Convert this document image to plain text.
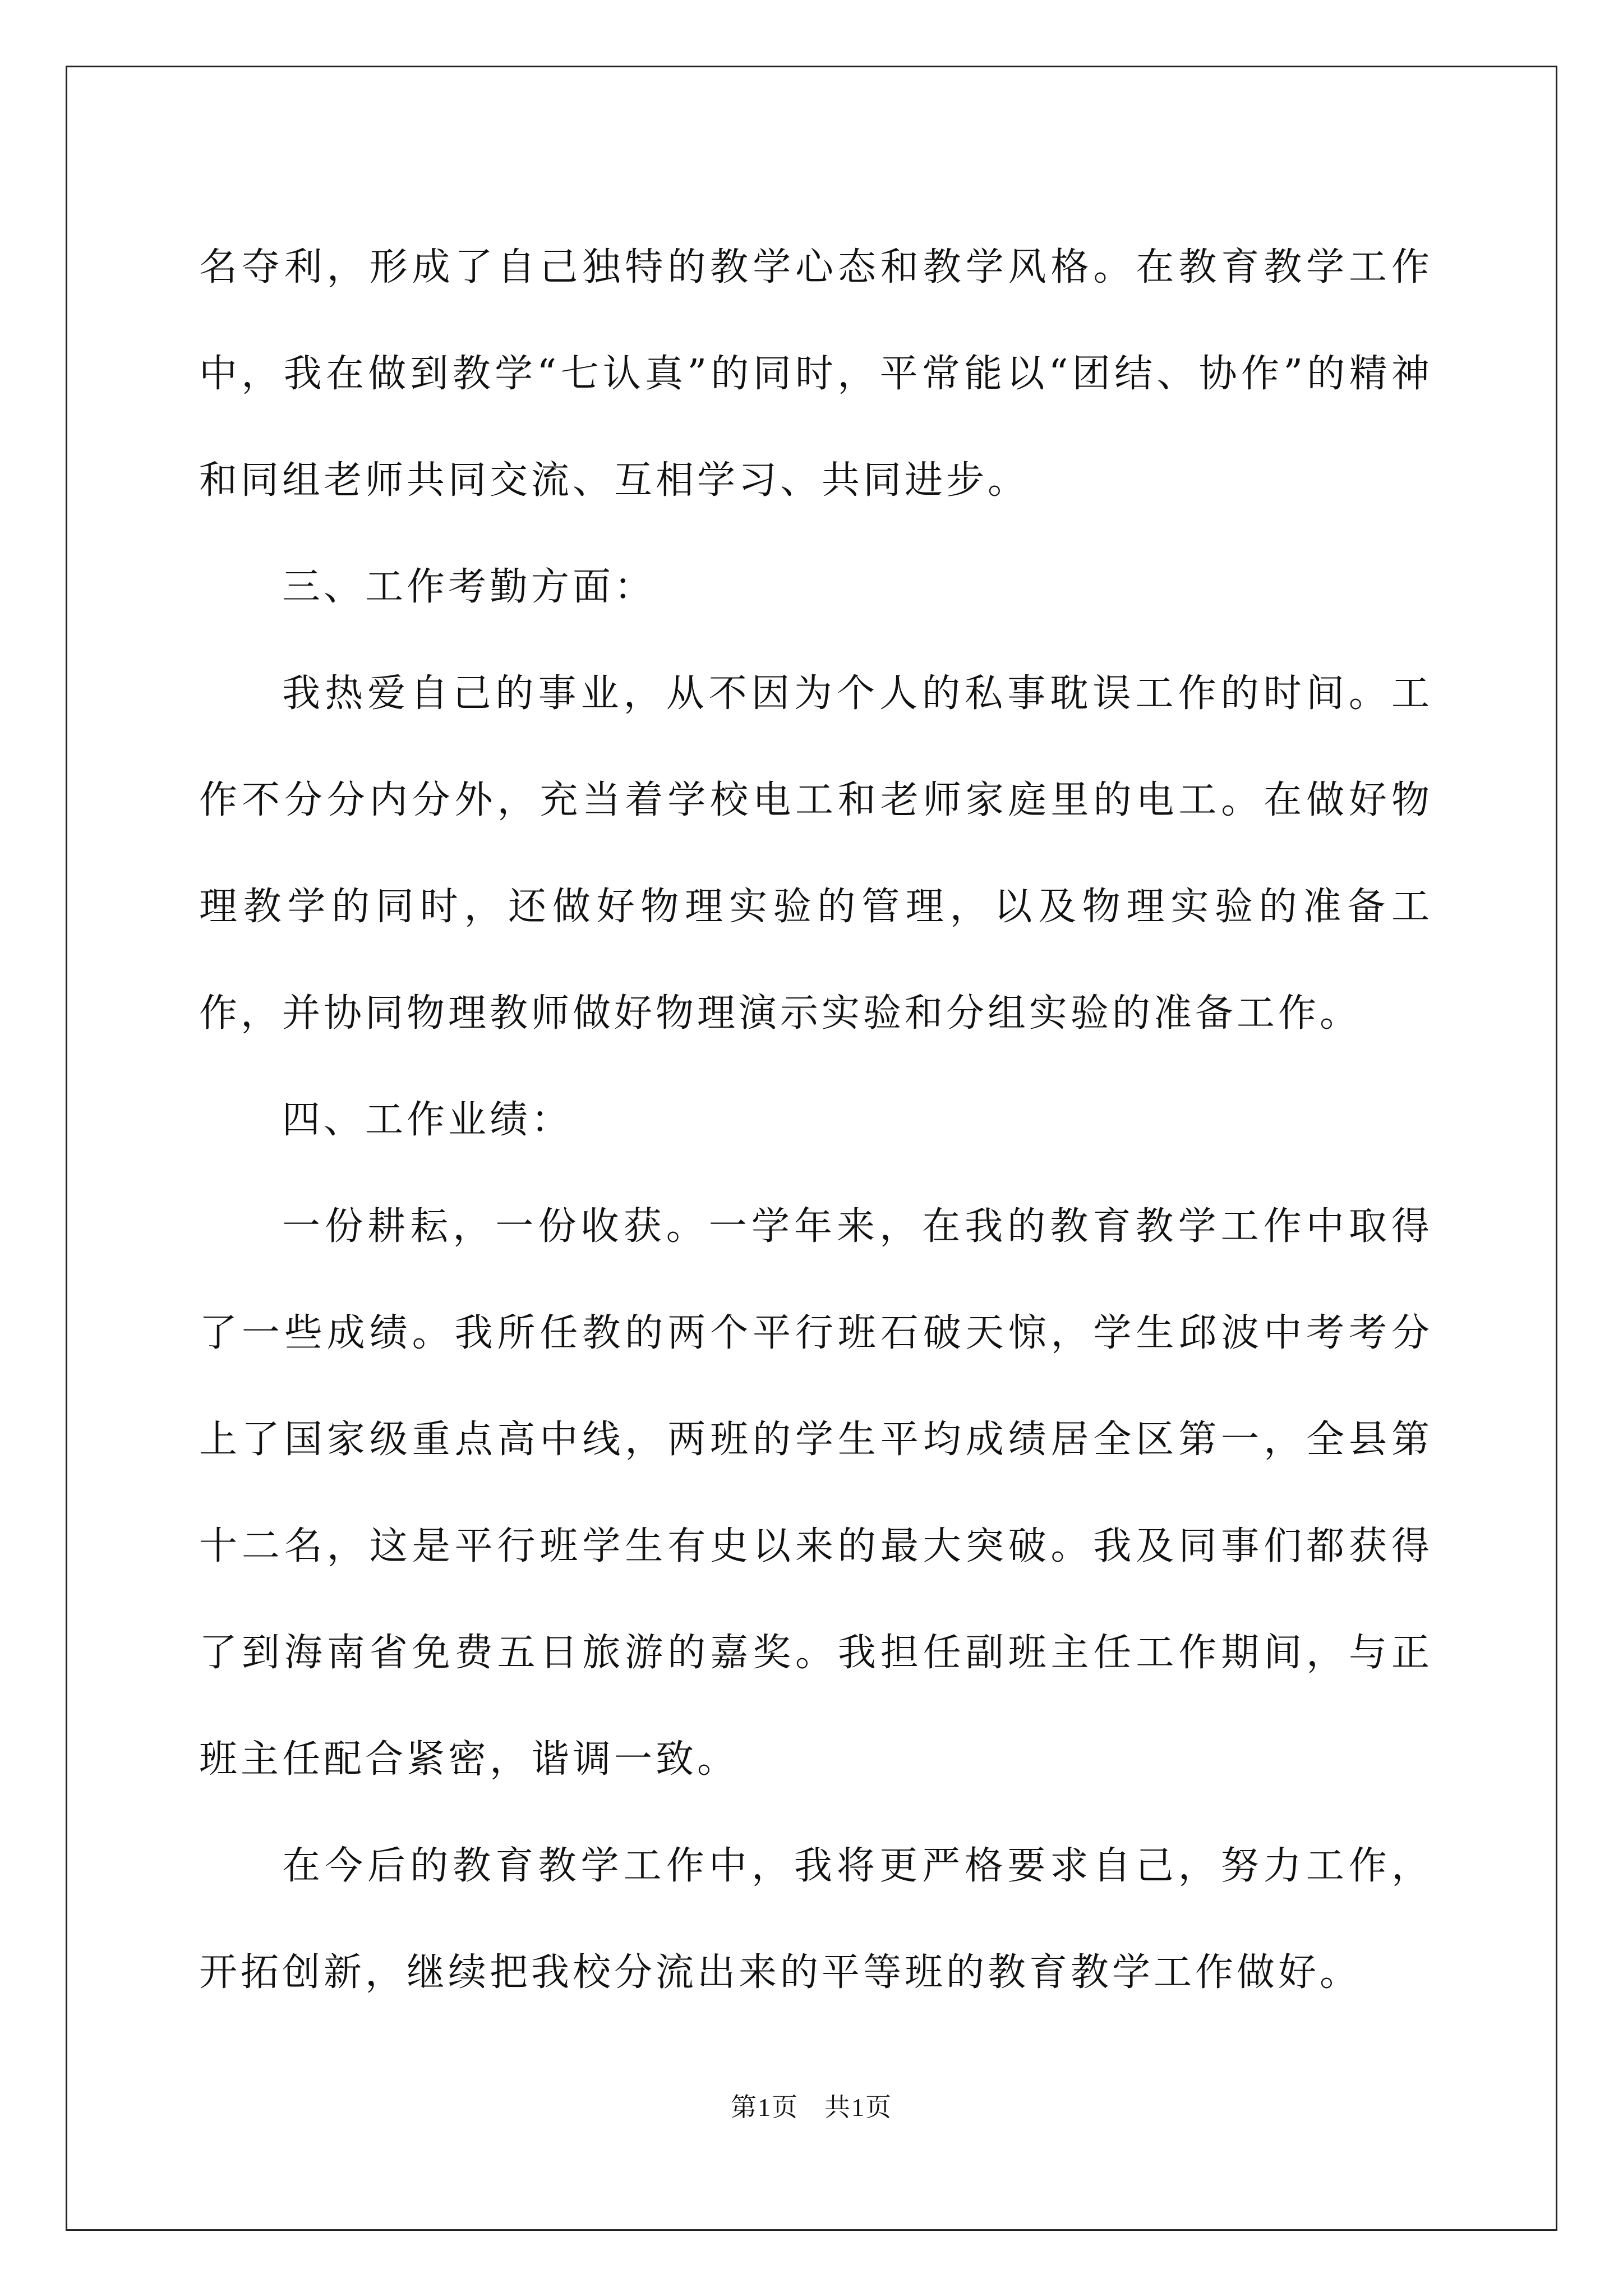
名夺利，形成了自己独特的教学心态和教学风格。在教育教学工作中，我在做到教学“七认真”的同时，平常能以“团结、协作”的精神和同组老师共同交流、互相学习、共同进步。

三、工作考勤方面：

我热爱自己的事业，从不因为个人的私事耽误工作的时间。工作不分分内分外，充当着学校电工和老师家庭里的电工。在做好物理教学的同时，还做好物理实验的管理，以及物理实验的准备工作，并协同物理教师做好物理演示实验和分组实验的准备工作。

四、工作业绩：

一份耕耘，一份收获。一学年来，在我的教育教学工作中取得了一些成绩。我所任教的两个平行班石破天惊，学生邱波中考考分上了国家级重点高中线，两班的学生平均成绩居全区第一，全县第十二名，这是平行班学生有史以来的最大突破。我及同事们都获得了到海南省免费五日旅游的嘉奖。我担任副班主任工作期间，与正班主任配合紧密，谐调一致。

在今后的教育教学工作中，我将更严格要求自己，努力工作，开拓创新，继续把我校分流出来的平等班的教育教学工作做好。

第1页 共1页
